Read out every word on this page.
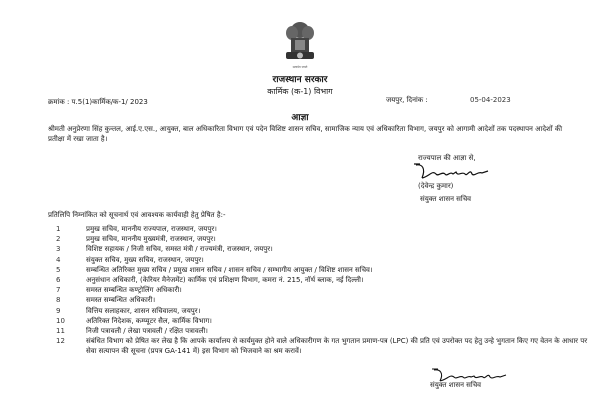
सत्यमेव जयते
राजस्थान सरकार
कार्मिक (क-1) विभाग
क्रमांक : प.5(1)कार्मिक/क-1/ 2023	जयपुर, दिनांक :	05-04-2023
आज्ञा
श्रीमती अनुप्रेरणा सिंह कुन्तल, आई.ए.एस., आयुक्त, बाल अधिकारिता विभाग एवं पदेन विशिष्ट शासन सचिव, सामाजिक न्याय एवं अधिकारिता विभाग, जयपुर को आगामी आदेशों तक पदस्थापन आदेशों की प्रतीक्षा में रखा जाता है।
राज्यपाल की आज्ञा से,
(देवेन्द्र कुमार)
संयुक्त शासन सचिव
प्रतिलिपि निम्नांकित को सूचनार्थ एवं आवश्यक कार्यवाही हेतु प्रेषित है:-
1	प्रमुख सचिव, माननीय राज्यपाल, राजस्थान, जयपुर।
2	प्रमुख सचिव, माननीय मुख्यमंत्री, राजस्थान, जयपुर।
3	विशिष्ट सहायक / निजी सचिव, समस्त मंत्री / राज्यमंत्री, राजस्थान, जयपुर।
4	संयुक्त सचिव, मुख्य सचिव, राजस्थान, जयपुर।
5	सम्बन्धित अतिरिक्त मुख्य सचिव / प्रमुख शासन सचिव / शासन सचिव / सम्भागीय आयुक्त / विशिष्ट शासन सचिव।
6	अनुसंधान अधिकारी, (केरियर मैनेजमेंट) कार्मिक एवं प्रशिक्षण विभाग, कमरा नं. 215, नॉर्थ ब्लाक, नई दिल्ली।
7	समस्त सम्बन्धित कण्ट्रोलिंग अधिकारी।
8	समस्त सम्बन्धित अधिकारी।
9	वित्तिय सलाहकार, शासन सचिवालय, जयपुर।
10	अतिरिक्त निदेशक, कम्प्यूटर सैल, कार्मिक विभाग।
11	निजी पत्रावली / लेखा पत्रावली / रक्षित पत्रावली।
12	संबंधित विभाग को प्रेषित कर लेख है कि आपके कार्यालय से कार्यमुक्त होने वाले अधिकारीगण के गत भुगतान प्रमाण-पत्र (LPC) की प्रति एवं उपरोक्त पद हेतु उन्हे भुगतान किए गए वेतन के आधार पर सेवा सत्यापन की सूचना (प्रपत्र GA-141 में) इस विभाग को भिजवाने का श्रम करावें।
संयुक्त शासन सचिव
